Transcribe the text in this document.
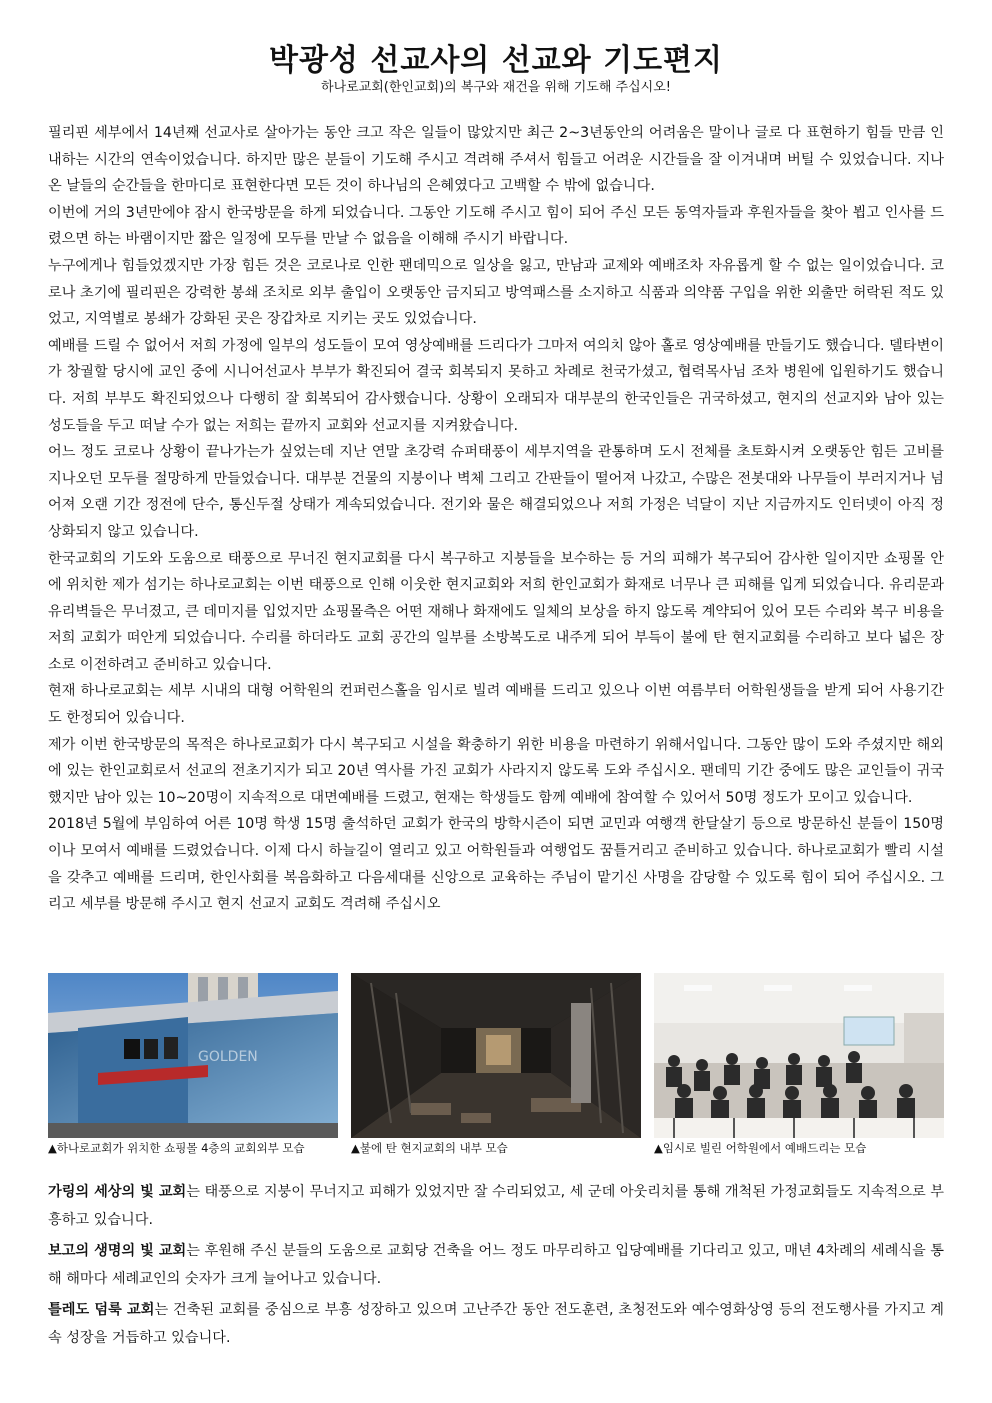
박광성 선교사의 선교와 기도편지
하나로교회(한인교회)의 복구와 재건을 위해 기도해 주십시오!

필리핀 세부에서 14년째 선교사로 살아가는 동안 크고 작은 일들이 많았지만 최근 2~3년동안의 어려움은 말이나 글로 다 표현하기 힘들 만큼 인내하는 시간의 연속이었습니다. 하지만 많은 분들이 기도해 주시고 격려해 주셔서 힘들고 어려운 시간들을 잘 이겨내며 버틸 수 있었습니다. 지나온 날들의 순간들을 한마디로 표현한다면 모든 것이 하나님의 은혜였다고 고백할 수 밖에 없습니다.

이번에 거의 3년만에야 잠시 한국방문을 하게 되었습니다. 그동안 기도해 주시고 힘이 되어 주신 모든 동역자들과 후원자들을 찾아 뵙고 인사를 드렸으면 하는 바램이지만 짧은 일정에 모두를 만날 수 없음을 이해해 주시기 바랍니다.

누구에게나 힘들었겠지만 가장 힘든 것은 코로나로 인한 팬데믹으로 일상을 잃고, 만남과 교제와 예배조차 자유롭게 할 수 없는 일이었습니다. 코로나 초기에 필리핀은 강력한 봉쇄 조치로 외부 출입이 오랫동안 금지되고 방역패스를 소지하고 식품과 의약품 구입을 위한 외출만 허락된 적도 있었고, 지역별로 봉쇄가 강화된 곳은 장갑차로 지키는 곳도 있었습니다.

예배를 드릴 수 없어서 저희 가정에 일부의 성도들이 모여 영상예배를 드리다가 그마저 여의치 않아 홀로 영상예배를 만들기도 했습니다. 델타변이가 창궐할 당시에 교인 중에 시니어선교사 부부가 확진되어 결국 회복되지 못하고 차례로 천국가셨고, 협력목사님 조차 병원에 입원하기도 했습니다. 저희 부부도 확진되었으나 다행히 잘 회복되어 감사했습니다. 상황이 오래되자 대부분의 한국인들은 귀국하셨고, 현지의 선교지와 남아 있는 성도들을 두고 떠날 수가 없는 저희는 끝까지 교회와 선교지를 지켜왔습니다.

어느 정도 코로나 상황이 끝나가는가 싶었는데 지난 연말 초강력 슈퍼태풍이 세부지역을 관통하며 도시 전체를 초토화시켜 오랫동안 힘든 고비를 지나오던 모두를 절망하게 만들었습니다. 대부분 건물의 지붕이나 벽체 그리고 간판들이 떨어져 나갔고, 수많은 전봇대와 나무들이 부러지거나 넘어져 오랜 기간 정전에 단수, 통신두절 상태가 계속되었습니다. 전기와 물은 해결되었으나 저희 가정은 넉달이 지난 지금까지도 인터넷이 아직 정상화되지 않고 있습니다.

한국교회의 기도와 도움으로 태풍으로 무너진 현지교회를 다시 복구하고 지붕들을 보수하는 등 거의 피해가 복구되어 감사한 일이지만 쇼핑몰 안에 위치한 제가 섬기는 하나로교회는 이번 태풍으로 인해 이웃한 현지교회와 저희 한인교회가 화재로 너무나 큰 피해를 입게 되었습니다. 유리문과 유리벽들은 무너졌고, 큰 데미지를 입었지만 쇼핑몰측은 어떤 재해나 화재에도 일체의 보상을 하지 않도록 계약되어 있어 모든 수리와 복구 비용을 저희 교회가 떠안게 되었습니다. 수리를 하더라도 교회 공간의 일부를 소방복도로 내주게 되어 부득이 불에 탄 현지교회를 수리하고 보다 넓은 장소로 이전하려고 준비하고 있습니다.

현재 하나로교회는 세부 시내의 대형 어학원의 컨퍼런스홀을 임시로 빌려 예배를 드리고 있으나 이번 여름부터 어학원생들을 받게 되어 사용기간도 한정되어 있습니다.

제가 이번 한국방문의 목적은 하나로교회가 다시 복구되고 시설을 확충하기 위한 비용을 마련하기 위해서입니다. 그동안 많이 도와 주셨지만 해외에 있는 한인교회로서 선교의 전초기지가 되고 20년 역사를 가진 교회가 사라지지 않도록 도와 주십시오. 팬데믹 기간 중에도 많은 교인들이 귀국했지만 남아 있는 10~20명이 지속적으로 대면예배를 드렸고, 현재는 학생들도 함께 예배에 참여할 수 있어서 50명 정도가 모이고 있습니다.

2018년 5월에 부임하여 어른 10명 학생 15명 출석하던 교회가 한국의 방학시즌이 되면 교민과 여행객 한달살기 등으로 방문하신 분들이 150명이나 모여서 예배를 드렸었습니다. 이제 다시 하늘길이 열리고 있고 어학원들과 여행업도 꿈틀거리고 준비하고 있습니다. 하나로교회가 빨리 시설을 갖추고 예배를 드리며, 한인사회를 복음화하고 다음세대를 신앙으로 교육하는 주님이 맡기신 사명을 감당할 수 있도록 힘이 되어 주십시오. 그리고 세부를 방문해 주시고 현지 선교지 교회도 격려해 주십시오

GOLDEN
▲하나로교회가 위치한 쇼핑몰 4층의 교회외부 모습	▲불에 탄 현지교회의 내부 모습	▲임시로 빌린 어학원에서 예배드리는 모습

가링의 세상의 빛 교회는 태풍으로 지붕이 무너지고 피해가 있었지만 잘 수리되었고, 세 군데 아웃리치를 통해 개척된 가정교회들도 지속적으로 부흥하고 있습니다.

보고의 생명의 빛 교회는 후원해 주신 분들의 도움으로 교회당 건축을 어느 정도 마무리하고 입당예배를 기다리고 있고, 매년 4차례의 세례식을 통해 해마다 세례교인의 숫자가 크게 늘어나고 있습니다.

틀레도 덤룩 교회는 건축된 교회를 중심으로 부흥 성장하고 있으며 고난주간 동안 전도훈련, 초청전도와 예수영화상영 등의 전도행사를 가지고 계속 성장을 거듭하고 있습니다.
